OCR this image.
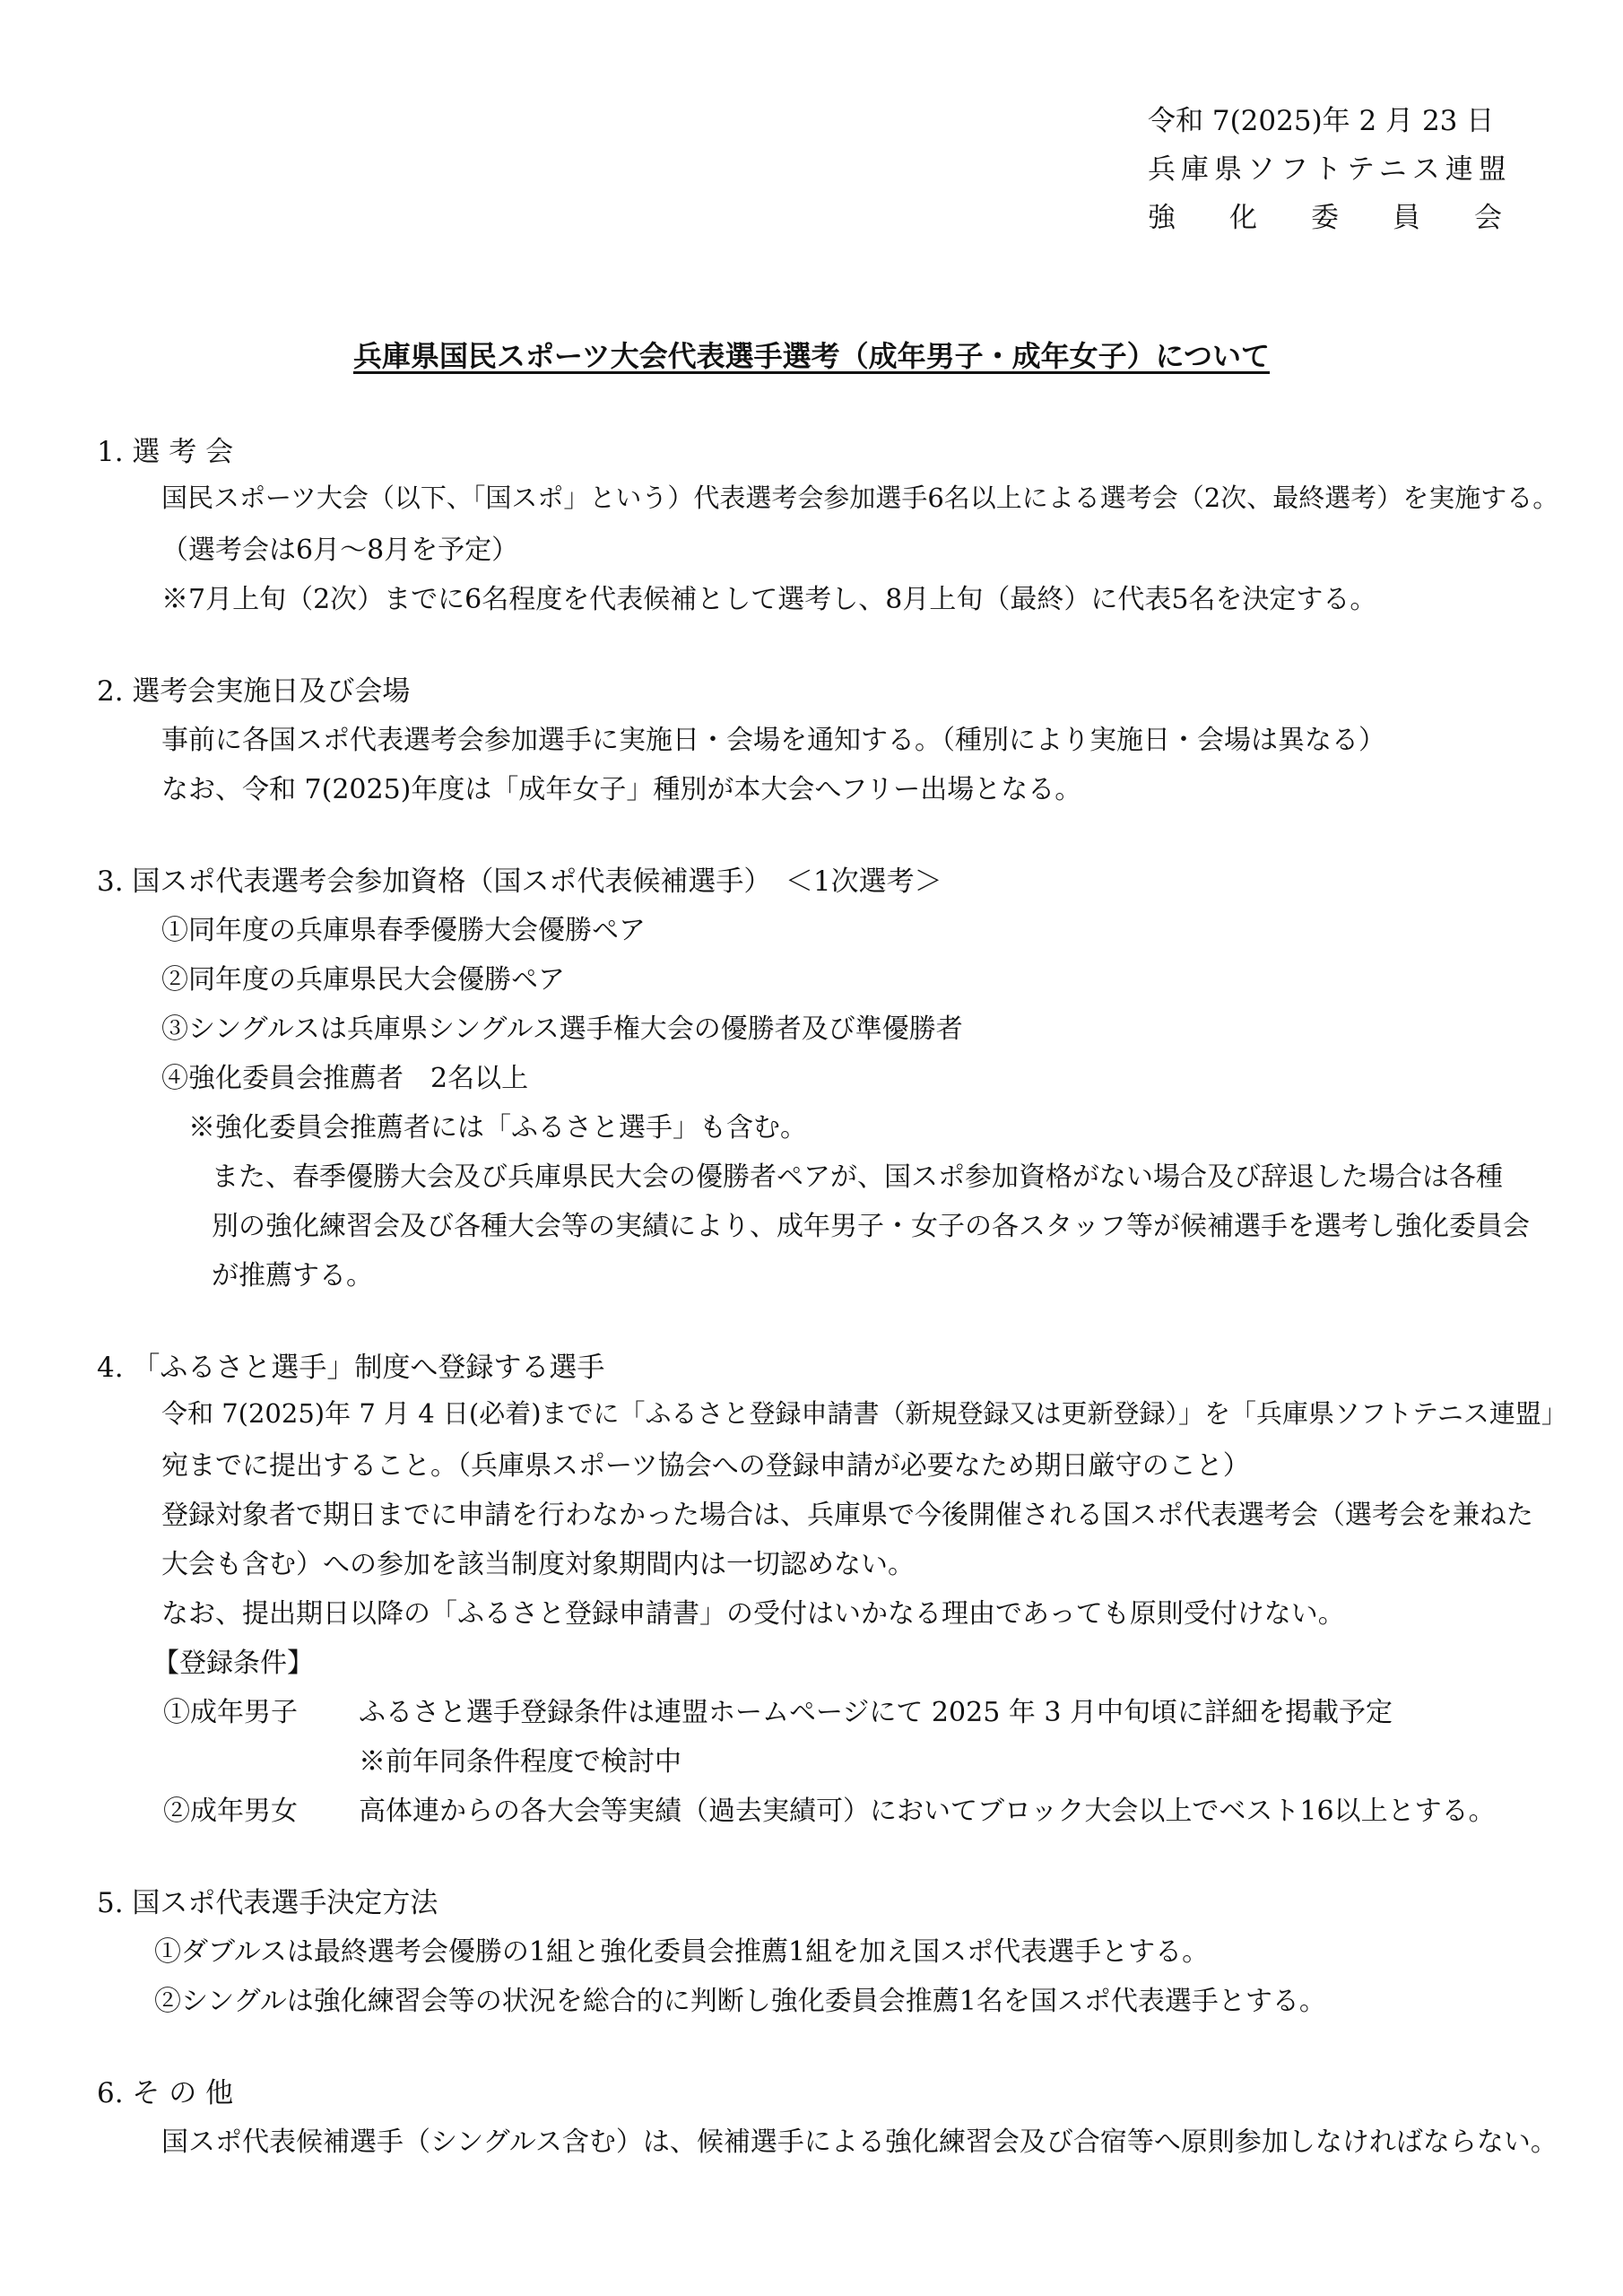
令和 7(2025)年 2 月 23 日
兵庫県ソフトテニス連盟
強化委員会
兵庫県国民スポーツ大会代表選手選考（成年男子・成年女子）について
1. 選 考 会
国民スポーツ大会（以下、「国スポ」という）代表選考会参加選手6名以上による選考会（2次、最終選考）を実施する。
（選考会は6月～8月を予定）
※7月上旬（2次）までに6名程度を代表候補として選考し、8月上旬（最終）に代表5名を決定する。
2. 選考会実施日及び会場
事前に各国スポ代表選考会参加選手に実施日・会場を通知する。（種別により実施日・会場は異なる）
なお、令和 7(2025)年度は「成年女子」種別が本大会へフリー出場となる。
3. 国スポ代表選考会参加資格（国スポ代表候補選手）　＜1次選考＞
①同年度の兵庫県春季優勝大会優勝ペア
②同年度の兵庫県民大会優勝ペア
③シングルスは兵庫県シングルス選手権大会の優勝者及び準優勝者
④強化委員会推薦者　2名以上
※強化委員会推薦者には「ふるさと選手」も含む。
また、春季優勝大会及び兵庫県民大会の優勝者ペアが、国スポ参加資格がない場合及び辞退した場合は各種
別の強化練習会及び各種大会等の実績により、成年男子・女子の各スタッフ等が候補選手を選考し強化委員会
が推薦する。
4. 「ふるさと選手」制度へ登録する選手
令和 7(2025)年 7 月 4 日(必着)までに「ふるさと登録申請書（新規登録又は更新登録）」を「兵庫県ソフトテニス連盟」
宛までに提出すること。（兵庫県スポーツ協会への登録申請が必要なため期日厳守のこと）
登録対象者で期日までに申請を行わなかった場合は、兵庫県で今後開催される国スポ代表選考会（選考会を兼ねた
大会も含む）への参加を該当制度対象期間内は一切認めない。
なお、提出期日以降の「ふるさと登録申請書」の受付はいかなる理由であっても原則受付けない。
【登録条件】
①成年男子 ふるさと選手登録条件は連盟ホームページにて 2025 年 3 月中旬頃に詳細を掲載予定
※前年同条件程度で検討中
②成年男女 高体連からの各大会等実績（過去実績可）においてブロック大会以上でベスト16以上とする。
5. 国スポ代表選手決定方法
①ダブルスは最終選考会優勝の1組と強化委員会推薦1組を加え国スポ代表選手とする。
②シングルは強化練習会等の状況を総合的に判断し強化委員会推薦1名を国スポ代表選手とする。
6. そ の 他
国スポ代表候補選手（シングルス含む）は、候補選手による強化練習会及び合宿等へ原則参加しなければならない。
